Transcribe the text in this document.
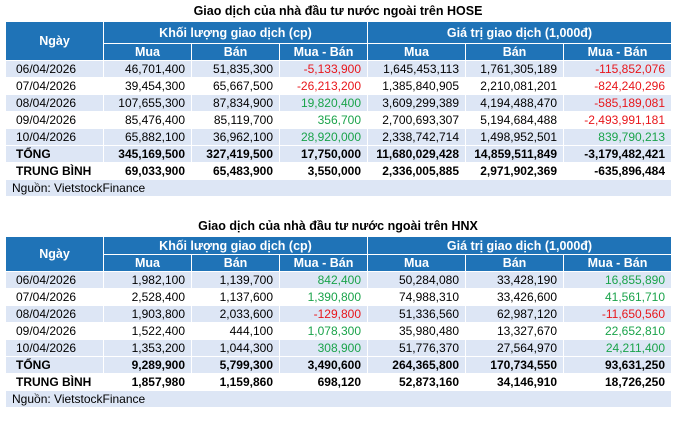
Giao dịch của nhà đầu tư nước ngoài trên HOSE
Ngày	Khối lượng giao dịch (cp)			Giá trị giao dịch (1,000đ)		
	Mua	Bán	Mua - Bán	Mua	Bán	Mua - Bán
06/04/2026	46,701,400	51,835,300	-5,133,900	1,645,453,113	1,761,305,189	-115,852,076
07/04/2026	39,454,300	65,667,500	-26,213,200	1,385,840,905	2,210,081,201	-824,240,296
08/04/2026	107,655,300	87,834,900	19,820,400	3,609,299,389	4,194,488,470	-585,189,081
09/04/2026	85,476,400	85,119,700	356,700	2,700,693,307	5,194,684,488	-2,493,991,181
10/04/2026	65,882,100	36,962,100	28,920,000	2,338,742,714	1,498,952,501	839,790,213
TỔNG	345,169,500	327,419,500	17,750,000	11,680,029,428	14,859,511,849	-3,179,482,421
TRUNG BÌNH	69,033,900	65,483,900	3,550,000	2,336,005,885	2,971,902,369	-635,896,484
Nguồn: VietstockFinance						
Giao dịch của nhà đầu tư nước ngoài trên HNX
Ngày	Khối lượng giao dịch (cp)			Giá trị giao dịch (1,000đ)		
	Mua	Bán	Mua - Bán	Mua	Bán	Mua - Bán
06/04/2026	1,982,100	1,139,700	842,400	50,284,080	33,428,190	16,855,890
07/04/2026	2,528,400	1,137,600	1,390,800	74,988,310	33,426,600	41,561,710
08/04/2026	1,903,800	2,033,600	-129,800	51,336,560	62,987,120	-11,650,560
09/04/2026	1,522,400	444,100	1,078,300	35,980,480	13,327,670	22,652,810
10/04/2026	1,353,200	1,044,300	308,900	51,776,370	27,564,970	24,211,400
TỔNG	9,289,900	5,799,300	3,490,600	264,365,800	170,734,550	93,631,250
TRUNG BÌNH	1,857,980	1,159,860	698,120	52,873,160	34,146,910	18,726,250
Nguồn: VietstockFinance						
